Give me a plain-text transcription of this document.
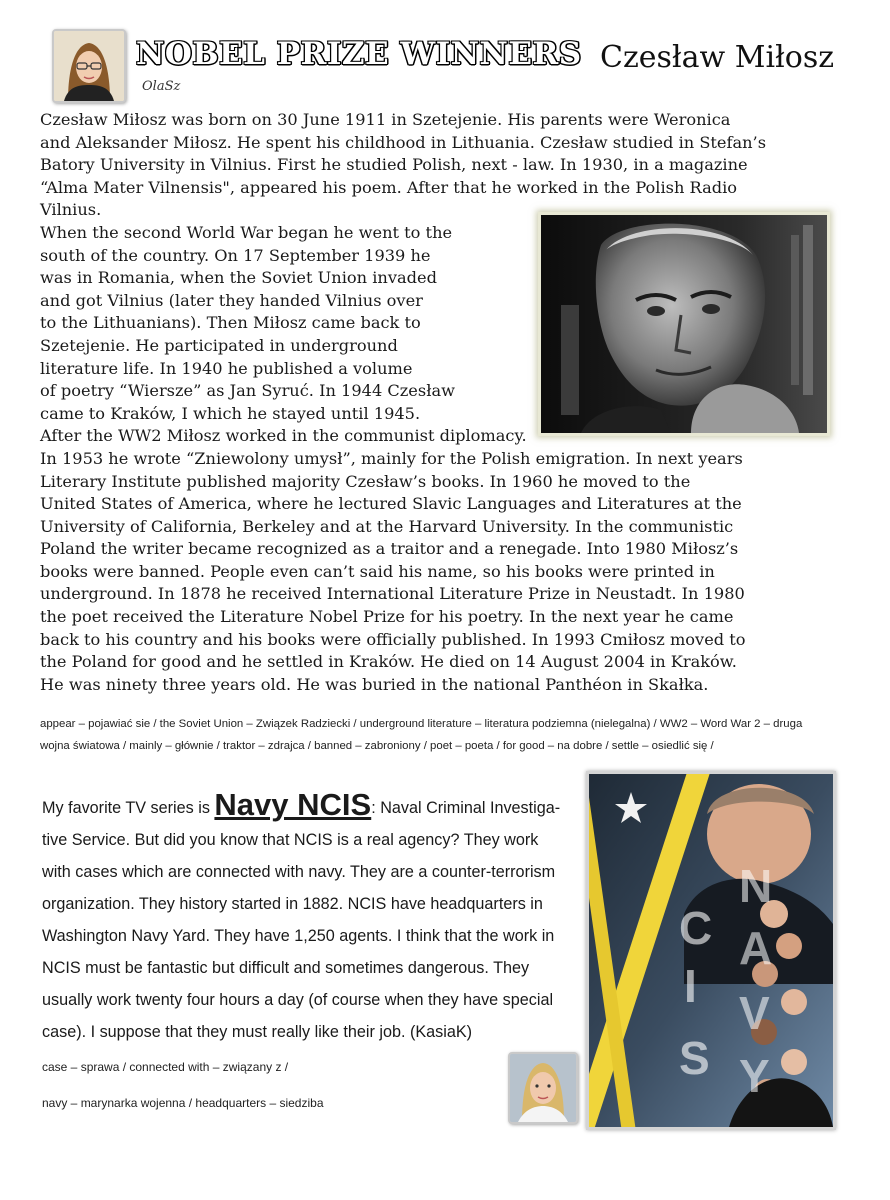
NOBEL PRIZE WINNERS Czesław Miłosz
OlaSz
Czesław Miłosz was born on 30 June 1911 in Szetejenie. His parents were Weronica
and Aleksander Miłosz. He spent his childhood in Lithuania. Czesław studied in Stefan’s
Batory University in Vilnius. First he studied Polish, next - law. In 1930, in a magazine
“Alma Mater Vilnensis", appeared his poem. After that he worked in the Polish Radio
Vilnius.
When the second World War began he went to the
south of the country. On 17 September 1939 he
was in Romania, when the Soviet Union invaded
and got Vilnius (later they handed Vilnius over
to the Lithuanians). Then Miłosz came back to
Szetejenie. He participated in underground
literature life. In 1940 he published a volume
of poetry “Wiersze” as Jan Syruć. In 1944 Czesław
came to Kraków, I which he stayed until 1945.
After the WW2 Miłosz worked in the communist diplomacy.
In 1953 he wrote “Zniewolony umysł”, mainly for the Polish emigration. In next years
Literary Institute published majority Czesław’s books. In 1960 he moved to the
United States of America, where he lectured Slavic Languages and Literatures at the
University of California, Berkeley and at the Harvard University. In the communistic
Poland the writer became recognized as a traitor and a renegade. Into 1980 Miłosz’s
books were banned. People even can’t said his name, so his books were printed in
underground. In 1878 he received International Literature Prize in Neustadt. In 1980
the poet received the Literature Nobel Prize for his poetry. In the next year he came
back to his country and his books were officially published. In 1993 Cmiłosz moved to
the Poland for good and he settled in Kraków. He died on 14 August 2004 in Kraków.
He was ninety three years old. He was buried in the national Panthéon in Skałka.
appear – pojawiać sie / the Soviet Union – Związek Radziecki / underground literature – literatura podziemna (nielegalna) / WW2 – Word War 2 – druga
wojna światowa / mainly – głównie / traktor – zdrajca / banned – zabroniony / poet – poeta / for good – na dobre / settle – osiedlić się /
My favorite TV series is Navy NCIS: Naval Criminal Investiga-
tive Service. But did you know that NCIS is a real agency? They work
with cases which are connected with navy. They are a counter-terrorism
organization. They history started in 1882. NCIS have headquarters in
Washington Navy Yard. They have 1,250 agents. I think that the work in
NCIS must be fantastic but difficult and sometimes dangerous. They
usually work twenty four hours a day (of course when they have special
case). I suppose that they must really like their job. (KasiaK)
case – sprawa / connected with – związany z /
navy – marynarka wojenna / headquarters – siedziba
N
A
V
Y
C
I
S
